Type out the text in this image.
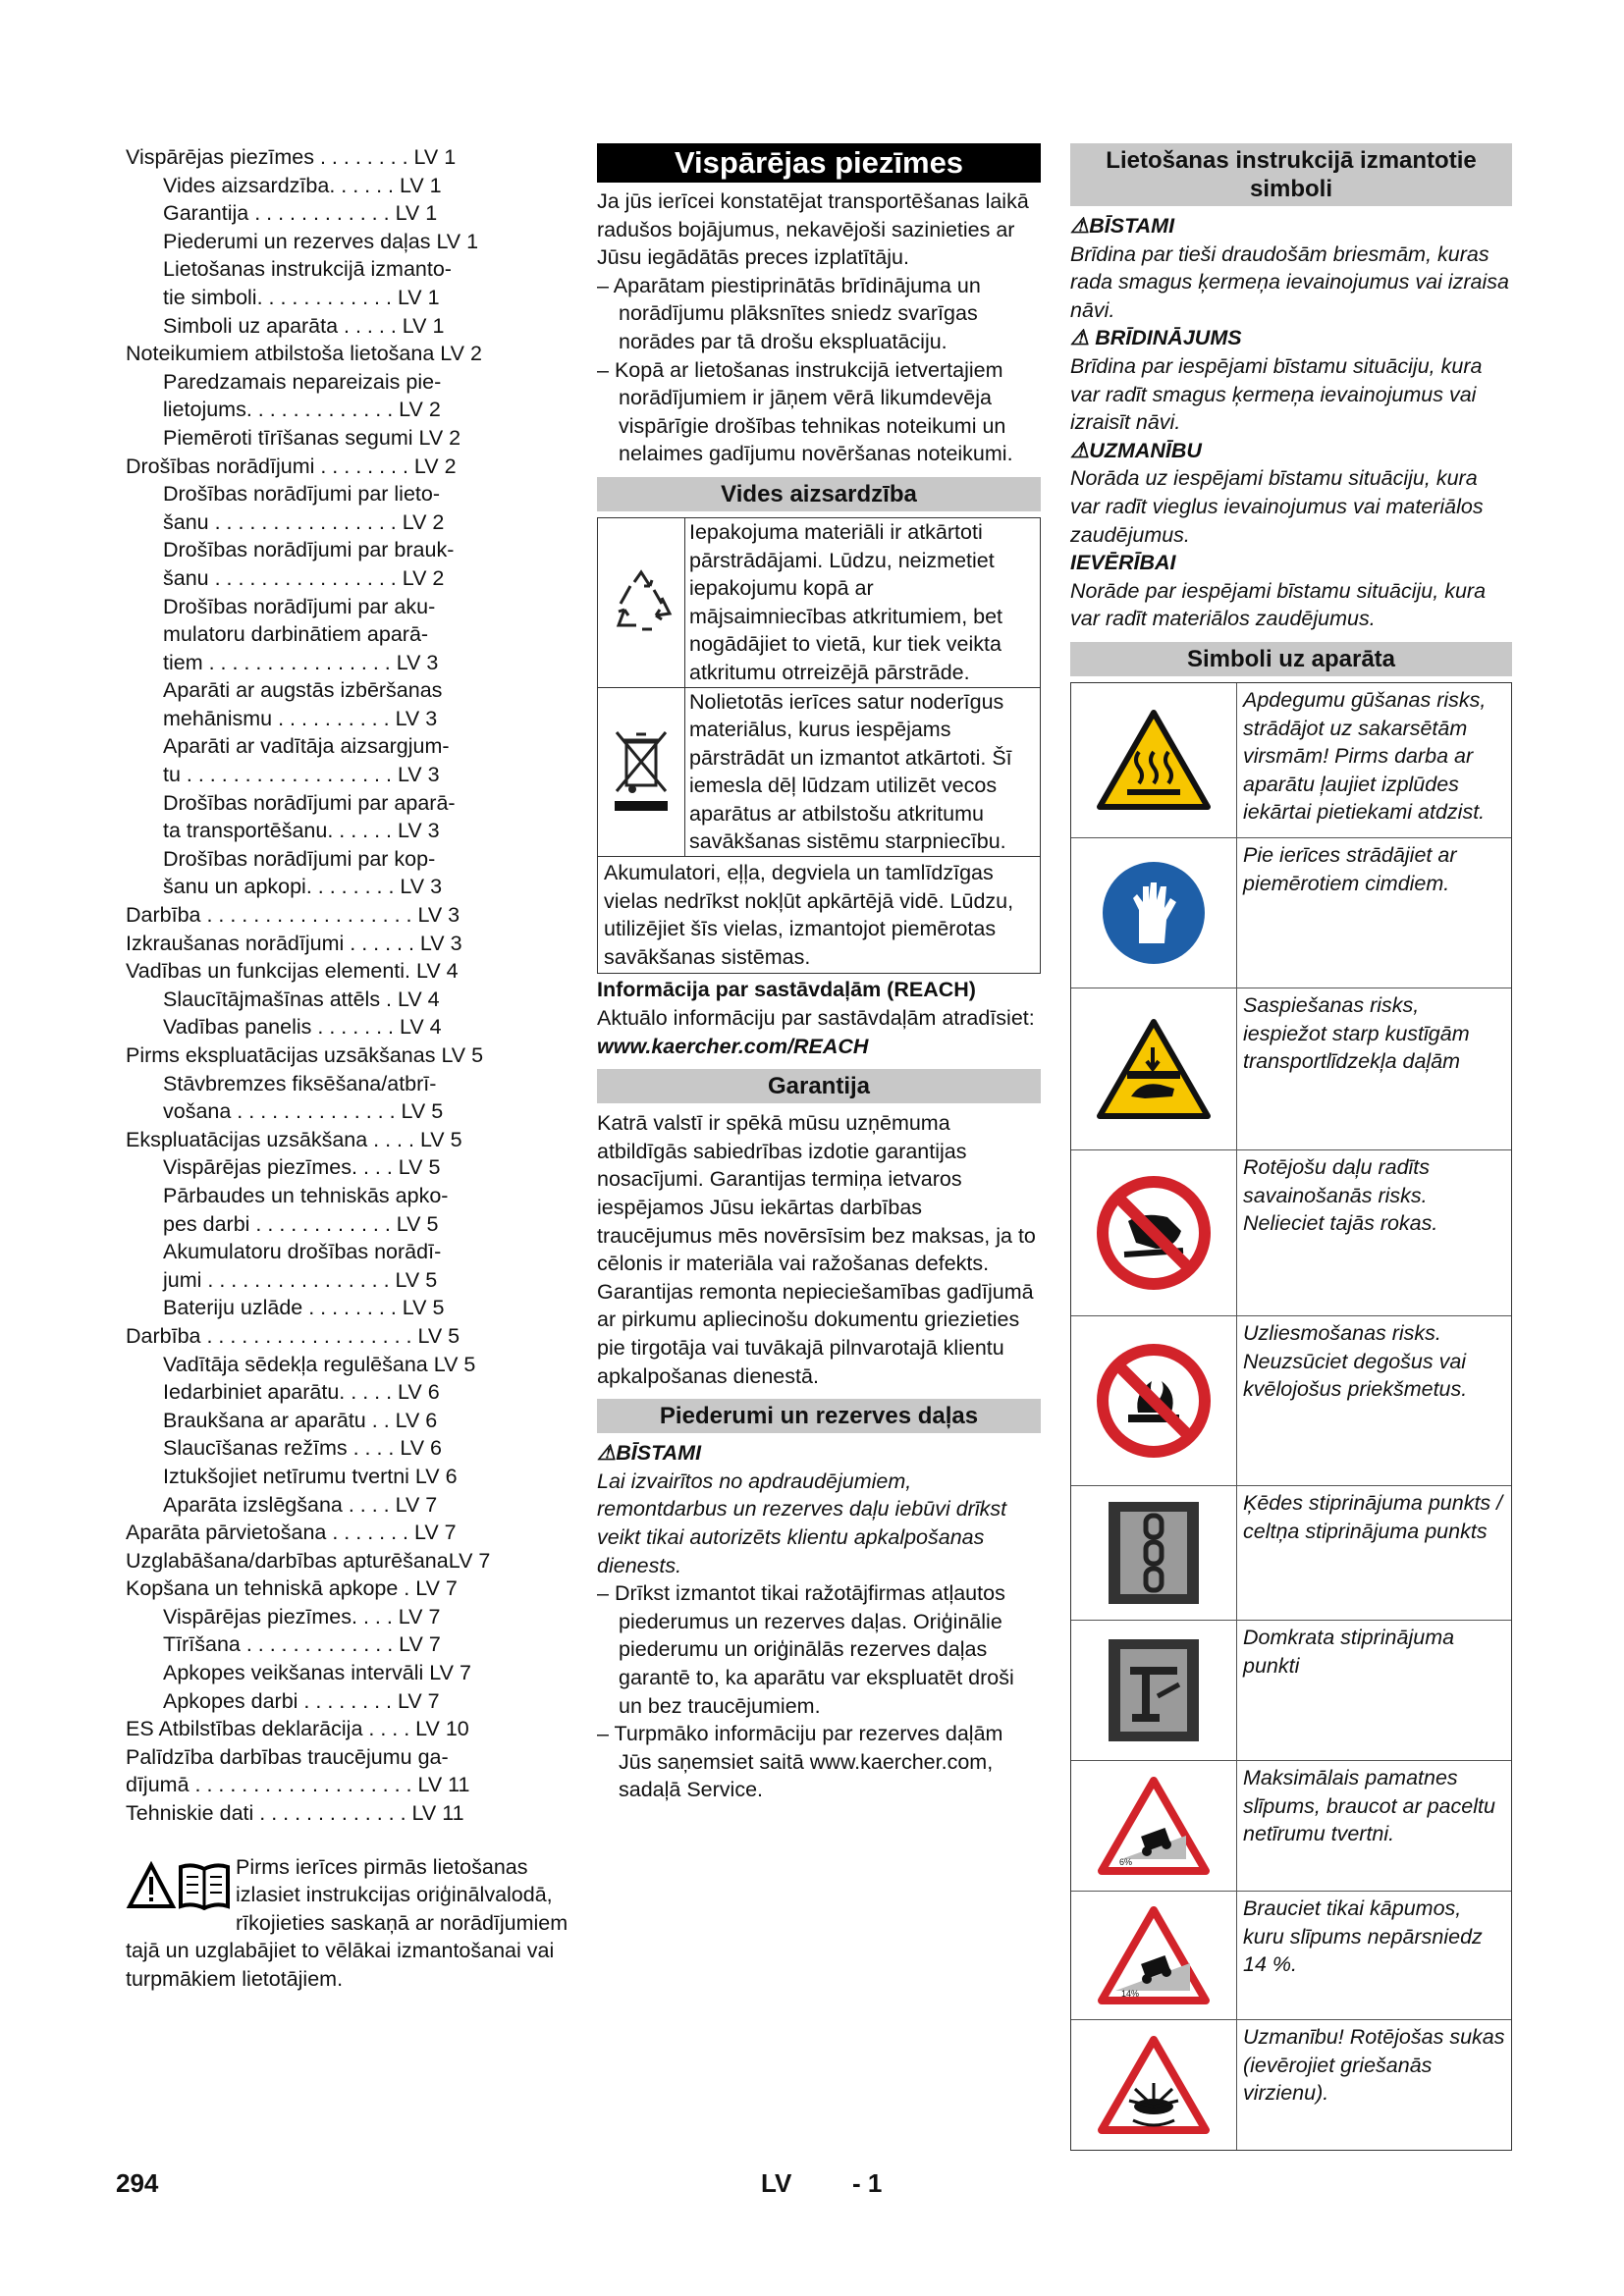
Vispārējas piezīmes . . . . . . . . LV 1
Vides aizsardzība. . . . . . LV 1
Garantija . . . . . . . . . . . . LV 1
Piederumi un rezerves daļas LV 1
Lietošanas instrukcijā izmanto-
tie simboli. . . . . . . . . . . . LV 1
Simboli uz aparāta . . . . . LV 1
Noteikumiem atbilstoša lietošana LV 2
Paredzamais nepareizais pie-
lietojums. . . . . . . . . . . . . LV 2
Piemēroti tīrīšanas segumi LV 2
Drošības norādījumi . . . . . . . . LV 2
Drošības norādījumi par lieto-
šanu . . . . . . . . . . . . . . . . LV 2
Drošības norādījumi par brauk-
šanu . . . . . . . . . . . . . . . . LV 2
Drošības norādījumi par aku-
mulatoru darbinātiem aparā-
tiem . . . . . . . . . . . . . . . . LV 3
Aparāti ar augstās izbēršanas
mehānismu . . . . . . . . . . LV 3
Aparāti ar vadītāja aizsargjum-
tu . . . . . . . . . . . . . . . . . . LV 3
Drošības norādījumi par aparā-
ta transportēšanu. . . . . . LV 3
Drošības norādījumi par kop-
šanu un apkopi. . . . . . . . LV 3
Darbība . . . . . . . . . . . . . . . . . . LV 3
Izkraušanas norādījumi . . . . . . LV 3
Vadības un funkcijas elementi. LV 4
Slaucītājmašīnas attēls . LV 4
Vadības panelis . . . . . . . LV 4
Pirms ekspluatācijas uzsākšanas LV 5
Stāvbremzes fiksēšana/atbrī-
vošana . . . . . . . . . . . . . . LV 5
Ekspluatācijas uzsākšana . . . . LV 5
Vispārējas piezīmes. . . . LV 5
Pārbaudes un tehniskās apko-
pes darbi . . . . . . . . . . . . LV 5
Akumulatoru drošības norādī-
jumi . . . . . . . . . . . . . . . . LV 5
Bateriju uzlāde . . . . . . . . LV 5
Darbība . . . . . . . . . . . . . . . . . . LV 5
Vadītāja sēdekļa regulēšana LV 5
Iedarbiniet aparātu. . . . . LV 6
Braukšana ar aparātu . . LV 6
Slaucīšanas režīms . . . . LV 6
Iztukšojiet netīrumu tvertni LV 6
Aparāta izslēgšana . . . . LV 7
Aparāta pārvietošana . . . . . . . LV 7
Uzglabāšana/darbības apturēšanaLV 7
Kopšana un tehniskā apkope . LV 7
Vispārējas piezīmes. . . . LV 7
Tīrīšana . . . . . . . . . . . . . LV 7
Apkopes veikšanas intervāli LV 7
Apkopes darbi . . . . . . . . LV 7
ES Atbilstības deklarācija . . . . LV 10
Palīdzība darbības traucējumu ga-
dījumā . . . . . . . . . . . . . . . . . . . LV 11
Tehniskie dati . . . . . . . . . . . . . LV 11
Pirms ierīces pirmās lietošanas izlasiet instrukcijas oriģinālvalodā, rīkojieties saskaņā ar norādījumiem tajā un uzglabājiet to vēlākai izmantošanai vai turpmākiem lietotājiem.
Vispārējas piezīmes
Ja jūs ierīcei konstatējat transportēšanas laikā radušos bojājumus, nekavējoši sazinieties ar Jūsu iegādātās preces izplatītāju.
– Aparātam piestiprinātās brīdinājuma un norādījumu plāksnītes sniedz svarīgas norādes par tā drošu ekspluatāciju.
– Kopā ar lietošanas instrukcijā ietvertajiem norādījumiem ir jāņem vērā likumdevēja vispārīgie drošības tehnikas noteikumi un nelaimes gadījumu novēršanas noteikumi.
Vides aizsardzība
Iepakojuma materiāli ir atkārtoti pārstrādājami. Lūdzu, neizmetiet iepakojumu kopā ar mājsaimniecības atkritumiem, bet nogādājiet to vietā, kur tiek veikta atkritumu otrreizējā pārstrāde.
Nolietotās ierīces satur noderīgus materiālus, kurus iespējams pārstrādāt un izmantot atkārtoti. Šī iemesla dēļ lūdzam utilizēt vecos aparātus ar atbilstošu atkritumu savākšanas sistēmu starpniecību.
Akumulatori, eļļa, degviela un tamlīdzīgas vielas nedrīkst nokļūt apkārtējā vidē. Lūdzu, utilizējiet šīs vielas, izmantojot piemērotas savākšanas sistēmas.
Informācija par sastāvdaļām (REACH)
Aktuālo informāciju par sastāvdaļām atradīsiet:
www.kaercher.com/REACH
Garantija
Katrā valstī ir spēkā mūsu uzņēmuma atbildīgās sabiedrības izdotie garantijas nosacījumi. Garantijas termiņa ietvaros iespējamos Jūsu iekārtas darbības traucējumus mēs novērsīsim bez maksas, ja to cēlonis ir materiāla vai ražošanas defekts. Garantijas remonta nepieciešamības gadījumā ar pirkumu apliecinošu dokumentu griezieties pie tirgotāja vai tuvākajā pilnvarotajā klientu apkalpošanas dienestā.
Piederumi un rezerves daļas
⚠BĪSTAMI
Lai izvairītos no apdraudējumiem, remontdarbus un rezerves daļu iebūvi drīkst veikt tikai autorizēts klientu apkalpošanas dienests.
– Drīkst izmantot tikai ražotājfirmas atļautos piederumus un rezerves daļas. Oriģinālie piederumu un oriģinālās rezerves daļas garantē to, ka aparātu var ekspluatēt droši un bez traucējumiem.
– Turpmāko informāciju par rezerves daļām Jūs saņemsiet saitā www.kaercher.com, sadaļā Service.
Lietošanas instrukcijā izmantotie simboli
⚠BĪSTAMI
Brīdina par tieši draudošām briesmām, kuras rada smagus ķermeņa ievainojumus vai izraisa nāvi.
⚠ BRĪDINĀJUMS
Brīdina par iespējami bīstamu situāciju, kura var radīt smagus ķermeņa ievainojumus vai izraisīt nāvi.
⚠UZMANĪBU
Norāda uz iespējami bīstamu situāciju, kura var radīt vieglus ievainojumus vai materiālos zaudējumus.
IEVĒRĪBAI
Norāde par iespējami bīstamu situāciju, kura var radīt materiālos zaudējumus.
Simboli uz aparāta
Apdegumu gūšanas risks, strādājot uz sakarsētām virsmām! Pirms darba ar aparātu ļaujiet izplūdes iekārtai pietiekami atdzist.
Pie ierīces strādājiet ar piemērotiem cimdiem.
Saspiešanas risks, iespiežot starp kustīgām transportlīdzekļa daļām
Rotējošu daļu radīts savainošanās risks. Nelieciet tajās rokas.
Uzliesmošanas risks. Neuzsūciet degošus vai kvēlojošus priekšmetus.
Ķēdes stiprinājuma punkts / celtņa stiprinājuma punkts
Domkrata stiprinājuma punkti
6%
Maksimālais pamatnes slīpums, braucot ar paceltu netīrumu tvertni.
14%
Brauciet tikai kāpumos, kuru slīpums nepārsniedz 14 %.
Uzmanību! Rotējošas sukas (ievērojiet griešanās virzienu).
294	LV - 1
